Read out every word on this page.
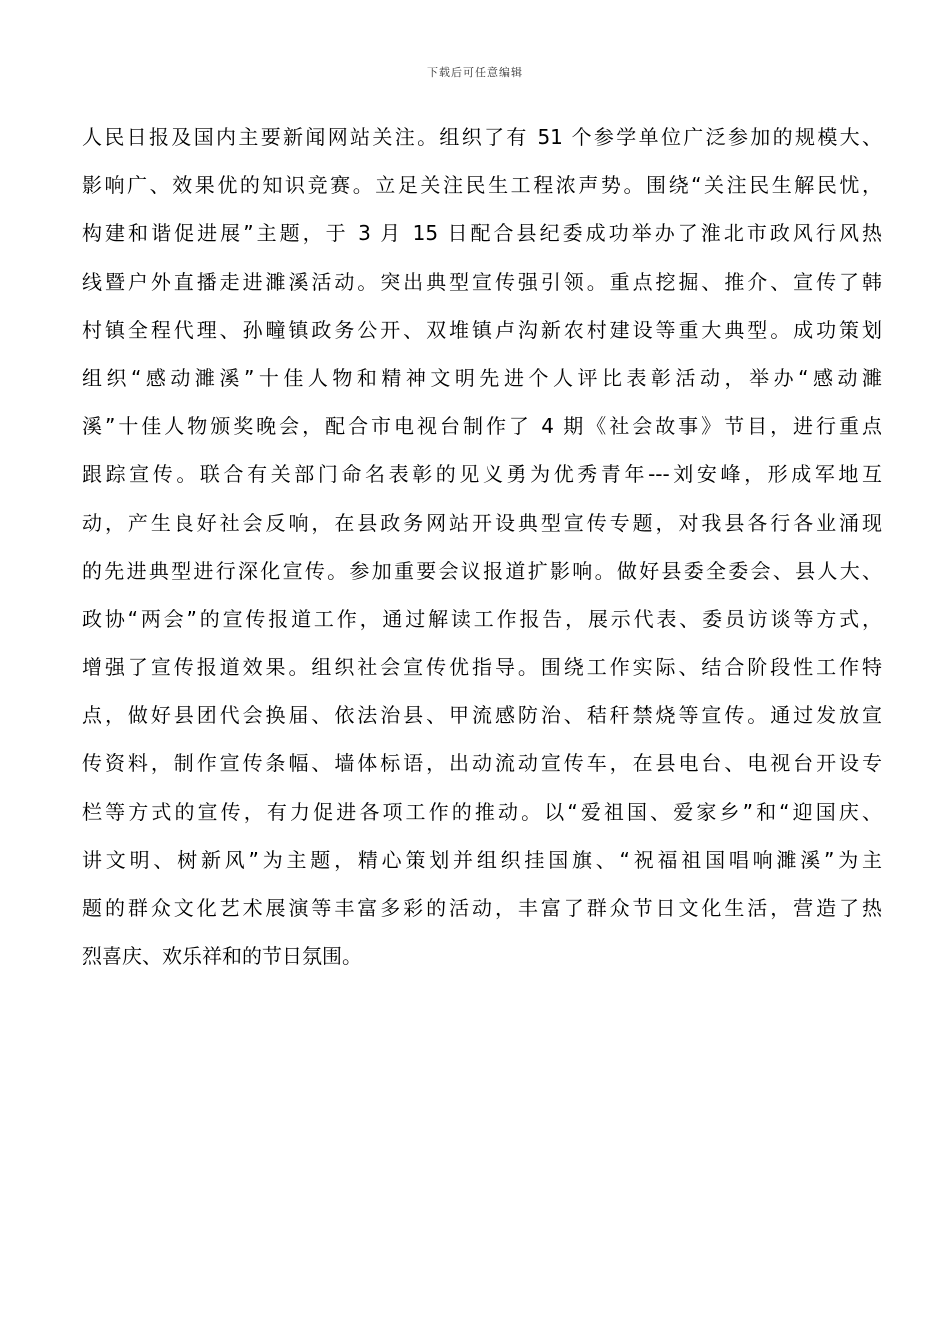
下载后可任意编辑
人民日报及国内主要新闻网站关注。组织了有 51 个参学单位广泛参加的规模大、
影响广、效果优的知识竞赛。立足关注民生工程浓声势。围绕“关注民生解民忧，
构建和谐促进展”主题，于 3 月 15 日配合县纪委成功举办了淮北市政风行风热
线暨户外直播走进濉溪活动。突出典型宣传强引领。重点挖掘、推介、宣传了韩
村镇全程代理、孙疃镇政务公开、双堆镇卢沟新农村建设等重大典型。成功策划
组织“感动濉溪”十佳人物和精神文明先进个人评比表彰活动，举办“感动濉
溪”十佳人物颁奖晚会，配合市电视台制作了 4 期《社会故事》节目，进行重点
跟踪宣传。联合有关部门命名表彰的见义勇为优秀青年---刘安峰，形成军地互
动，产生良好社会反响，在县政务网站开设典型宣传专题，对我县各行各业涌现
的先进典型进行深化宣传。参加重要会议报道扩影响。做好县委全委会、县人大、
政协“两会”的宣传报道工作，通过解读工作报告，展示代表、委员访谈等方式，
增强了宣传报道效果。组织社会宣传优指导。围绕工作实际、结合阶段性工作特
点，做好县团代会换届、依法治县、甲流感防治、秸秆禁烧等宣传。通过发放宣
传资料，制作宣传条幅、墙体标语，出动流动宣传车，在县电台、电视台开设专
栏等方式的宣传，有力促进各项工作的推动。以“爱祖国、爱家乡”和“迎国庆、
讲文明、树新风”为主题，精心策划并组织挂国旗、“祝福祖国唱响濉溪”为主
题的群众文化艺术展演等丰富多彩的活动，丰富了群众节日文化生活，营造了热
烈喜庆、欢乐祥和的节日氛围。
